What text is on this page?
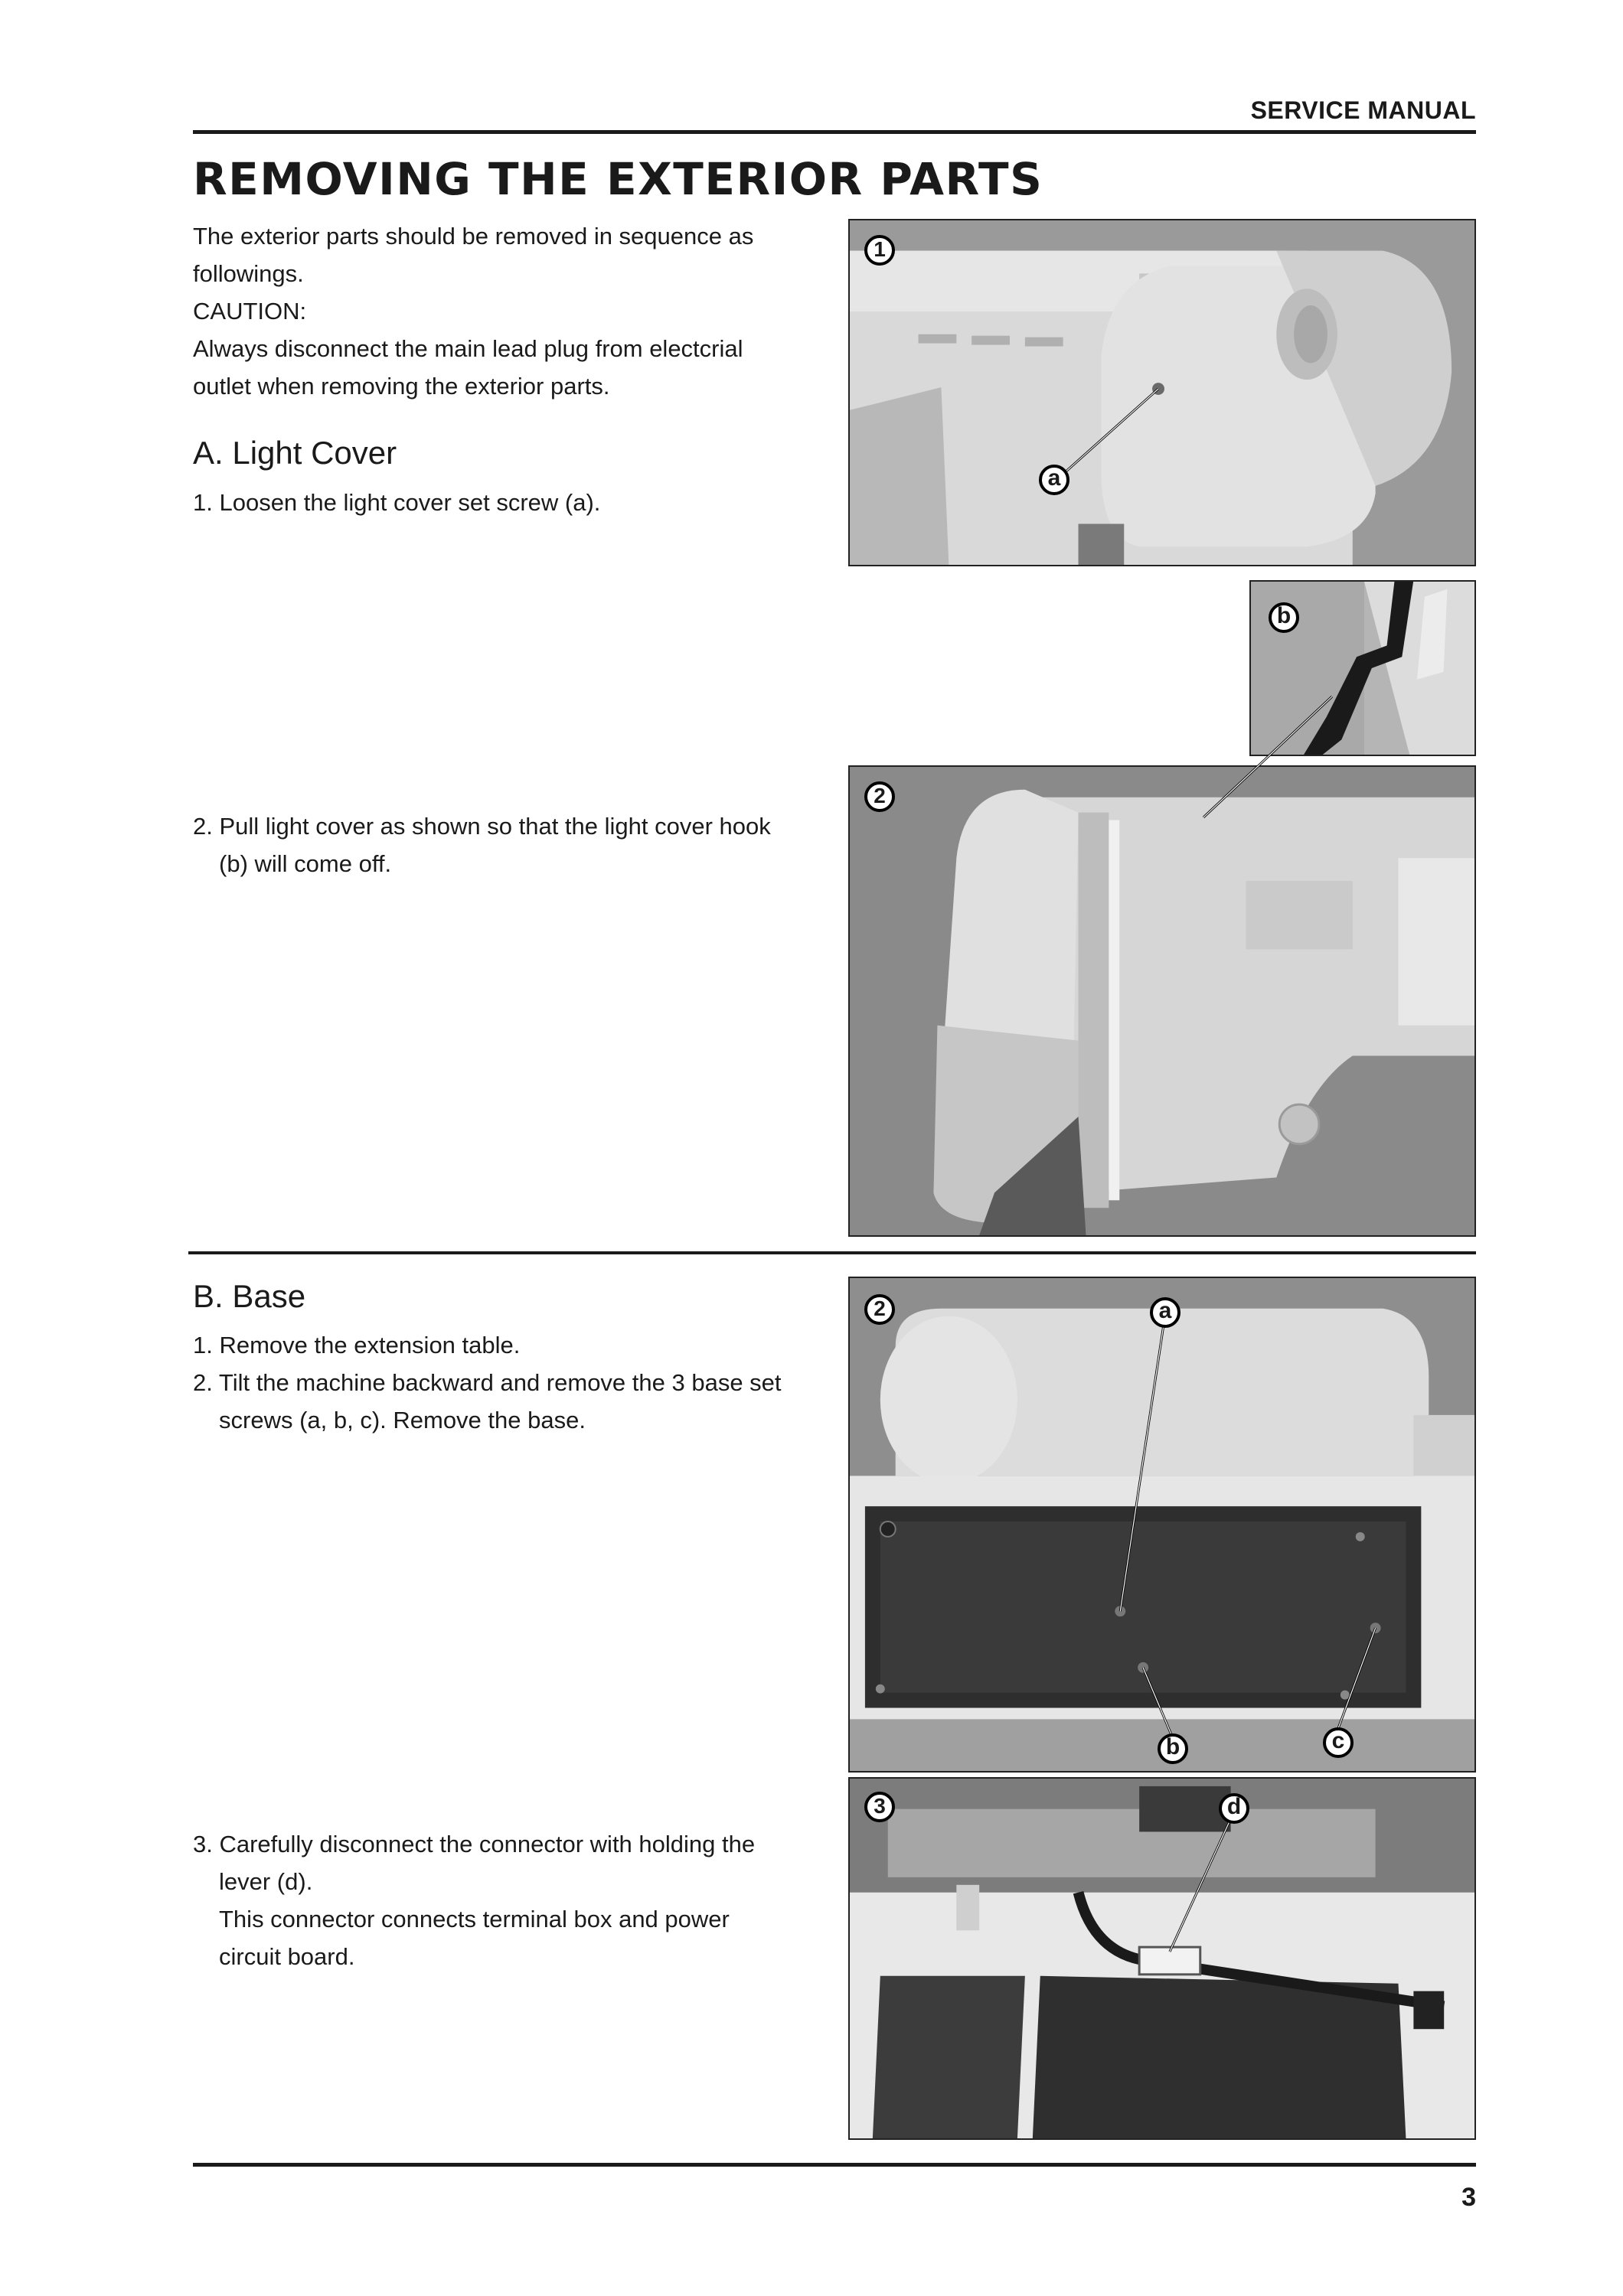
SERVICE MANUAL
REMOVING THE EXTERIOR PARTS
The exterior parts should be removed in sequence as
followings.
CAUTION:
Always disconnect the main lead plug from electcrial
outlet when removing the exterior parts.
A. Light Cover
1. Loosen the light cover set screw (a).
2. Pull light cover as shown so that the light cover hook
(b) will come off.
B. Base
1. Remove the extension table.
2. Tilt the machine backward and remove the 3 base set
screws (a, b, c). Remove the base.
3. Carefully disconnect the connector with holding the
lever (d).
This connector connects terminal box and power
circuit board.
1
a
b
2
2	a
b	c
3	d
3
